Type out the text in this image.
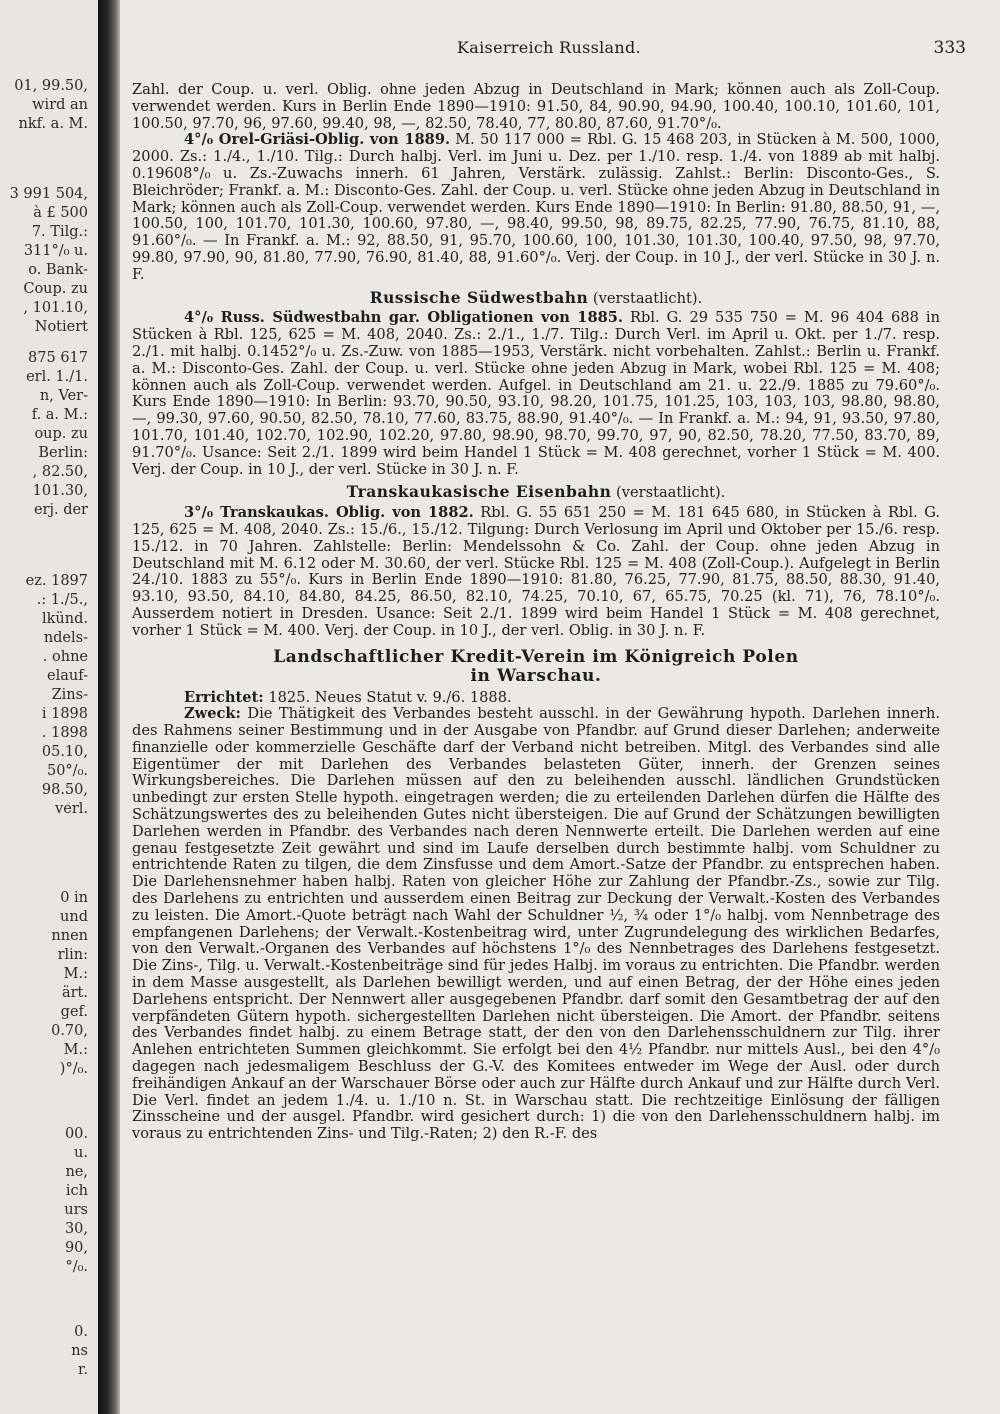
01, 99.50,
wird an
nkf. a. M.
3 991 504,
à £ 500
7. Tilg.:
311°/₀ u.
o. Bank-
Coup. zu
, 101.10,
Notiert
875 617
erl. 1./1.
n, Ver-
f. a. M.:
oup. zu
Berlin:
, 82.50,
101.30,
erj. der
ez. 1897
.: 1./5.,
lkünd.
ndels-
. ohne
elauf-
Zins-
i 1898
. 1898
05.10,
50°/₀.
98.50,
verl.
0 in
und
nnen
rlin:
M.:
ärt.
gef.
0.70,
M.:
)°/₀.
00.
u.
ne,
ich
urs
30,
90,
°/₀.
0.
ns
r.
Kaiserreich Russland.	333

Zahl. der Coup. u. verl. Oblig. ohne jeden Abzug in Deutschland in Mark; können auch als Zoll-Coup. verwendet werden. Kurs in Berlin Ende 1890—1910: 91.50, 84, 90.90, 94.90, 100.40, 100.10, 101.60, 101, 100.50, 97.70, 96, 97.60, 99.40, 98, —, 82.50, 78.40, 77, 80.80, 87.60, 91.70°/₀.

4°/₀ Orel-Griäsi-Oblig. von 1889. M. 50 117 000 = Rbl. G. 15 468 203, in Stücken à M. 500, 1000, 2000. Zs.: 1./4., 1./10. Tilg.: Durch halbj. Verl. im Juni u. Dez. per 1./10. resp. 1./4. von 1889 ab mit halbj. 0.19608°/₀ u. Zs.-Zuwachs innerh. 61 Jahren, Verstärk. zulässig. Zahlst.: Berlin: Disconto-Ges., S. Bleichröder; Frankf. a. M.: Disconto-Ges. Zahl. der Coup. u. verl. Stücke ohne jeden Abzug in Deutschland in Mark; können auch als Zoll-Coup. verwendet werden. Kurs Ende 1890—1910: In Berlin: 91.80, 88.50, 91, —, 100.50, 100, 101.70, 101.30, 100.60, 97.80, —, 98.40, 99.50, 98, 89.75, 82.25, 77.90, 76.75, 81.10, 88, 91.60°/₀. — In Frankf. a. M.: 92, 88.50, 91, 95.70, 100.60, 100, 101.30, 101.30, 100.40, 97.50, 98, 97.70, 99.80, 97.90, 90, 81.80, 77.90, 76.90, 81.40, 88, 91.60°/₀. Verj. der Coup. in 10 J., der verl. Stücke in 30 J. n. F.

Russische Südwestbahn (verstaatlicht).

4°/₀ Russ. Südwestbahn gar. Obligationen von 1885. Rbl. G. 29 535 750 = M. 96 404 688 in Stücken à Rbl. 125, 625 = M. 408, 2040. Zs.: 2./1., 1./7. Tilg.: Durch Verl. im April u. Okt. per 1./7. resp. 2./1. mit halbj. 0.1452°/₀ u. Zs.-Zuw. von 1885—1953, Verstärk. nicht vorbehalten. Zahlst.: Berlin u. Frankf. a. M.: Disconto-Ges. Zahl. der Coup. u. verl. Stücke ohne jeden Abzug in Mark, wobei Rbl. 125 = M. 408; können auch als Zoll-Coup. verwendet werden. Aufgel. in Deutschland am 21. u. 22./9. 1885 zu 79.60°/₀. Kurs Ende 1890—1910: In Berlin: 93.70, 90.50, 93.10, 98.20, 101.75, 101.25, 103, 103, 103, 98.80, 98.80, —, 99.30, 97.60, 90.50, 82.50, 78.10, 77.60, 83.75, 88.90, 91.40°/₀. — In Frankf. a. M.: 94, 91, 93.50, 97.80, 101.70, 101.40, 102.70, 102.90, 102.20, 97.80, 98.90, 98.70, 99.70, 97, 90, 82.50, 78.20, 77.50, 83.70, 89, 91.70°/₀. Usance: Seit 2./1. 1899 wird beim Handel 1 Stück = M. 408 gerechnet, vorher 1 Stück = M. 400. Verj. der Coup. in 10 J., der verl. Stücke in 30 J. n. F.

Transkaukasische Eisenbahn (verstaatlicht).

3°/₀ Transkaukas. Oblig. von 1882. Rbl. G. 55 651 250 = M. 181 645 680, in Stücken à Rbl. G. 125, 625 = M. 408, 2040. Zs.: 15./6., 15./12. Tilgung: Durch Verlosung im April und Oktober per 15./6. resp. 15./12. in 70 Jahren. Zahlstelle: Berlin: Mendelssohn & Co. Zahl. der Coup. ohne jeden Abzug in Deutschland mit M. 6.12 oder M. 30.60, der verl. Stücke Rbl. 125 = M. 408 (Zoll-Coup.). Aufgelegt in Berlin 24./10. 1883 zu 55°/₀. Kurs in Berlin Ende 1890—1910: 81.80, 76.25, 77.90, 81.75, 88.50, 88.30, 91.40, 93.10, 93.50, 84.10, 84.80, 84.25, 86.50, 82.10, 74.25, 70.10, 67, 65.75, 70.25 (kl. 71), 76, 78.10°/₀. Ausserdem notiert in Dresden. Usance: Seit 2./1. 1899 wird beim Handel 1 Stück = M. 408 gerechnet, vorher 1 Stück = M. 400. Verj. der Coup. in 10 J., der verl. Oblig. in 30 J. n. F.

Landschaftlicher Kredit-Verein im Königreich Polen
in Warschau.

Errichtet: 1825. Neues Statut v. 9./6. 1888.

Zweck: Die Thätigkeit des Verbandes besteht ausschl. in der Gewährung hypoth. Darlehen innerh. des Rahmens seiner Bestimmung und in der Ausgabe von Pfandbr. auf Grund dieser Darlehen; anderweite finanzielle oder kommerzielle Geschäfte darf der Verband nicht betreiben. Mitgl. des Verbandes sind alle Eigentümer der mit Darlehen des Verbandes belasteten Güter, innerh. der Grenzen seines Wirkungsbereiches. Die Darlehen müssen auf den zu beleihenden ausschl. ländlichen Grundstücken unbedingt zur ersten Stelle hypoth. eingetragen werden; die zu erteilenden Darlehen dürfen die Hälfte des Schätzungswertes des zu beleihenden Gutes nicht übersteigen. Die auf Grund der Schätzungen bewilligten Darlehen werden in Pfandbr. des Verbandes nach deren Nennwerte erteilt. Die Darlehen werden auf eine genau festgesetzte Zeit gewährt und sind im Laufe derselben durch bestimmte halbj. vom Schuldner zu entrichtende Raten zu tilgen, die dem Zinsfusse und dem Amort.-Satze der Pfandbr. zu entsprechen haben. Die Darlehensnehmer haben halbj. Raten von gleicher Höhe zur Zahlung der Pfandbr.-Zs., sowie zur Tilg. des Darlehens zu entrichten und ausserdem einen Beitrag zur Deckung der Verwalt.-Kosten des Verbandes zu leisten. Die Amort.-Quote beträgt nach Wahl der Schuldner ½, ¾ oder 1°/₀ halbj. vom Nennbetrage des empfangenen Darlehens; der Verwalt.-Kostenbeitrag wird, unter Zugrundelegung des wirklichen Bedarfes, von den Verwalt.-Organen des Verbandes auf höchstens 1°/₀ des Nennbetrages des Darlehens festgesetzt. Die Zins-, Tilg. u. Verwalt.-Kostenbeiträge sind für jedes Halbj. im voraus zu entrichten. Die Pfandbr. werden in dem Masse ausgestellt, als Darlehen bewilligt werden, und auf einen Betrag, der der Höhe eines jeden Darlehens entspricht. Der Nennwert aller ausgegebenen Pfandbr. darf somit den Gesamtbetrag der auf den verpfändeten Gütern hypoth. sichergestellten Darlehen nicht übersteigen. Die Amort. der Pfandbr. seitens des Verbandes findet halbj. zu einem Betrage statt, der den von den Darlehensschuldnern zur Tilg. ihrer Anlehen entrichteten Summen gleichkommt. Sie erfolgt bei den 4½ Pfandbr. nur mittels Ausl., bei den 4°/₀ dagegen nach jedesmaligem Beschluss der G.-V. des Komitees entweder im Wege der Ausl. oder durch freihändigen Ankauf an der Warschauer Börse oder auch zur Hälfte durch Ankauf und zur Hälfte durch Verl. Die Verl. findet an jedem 1./4. u. 1./10 n. St. in Warschau statt. Die rechtzeitige Einlösung der fälligen Zinsscheine und der ausgel. Pfandbr. wird gesichert durch: 1) die von den Darlehensschuldnern halbj. im voraus zu entrichtenden Zins- und Tilg.-Raten; 2) den R.-F. des
